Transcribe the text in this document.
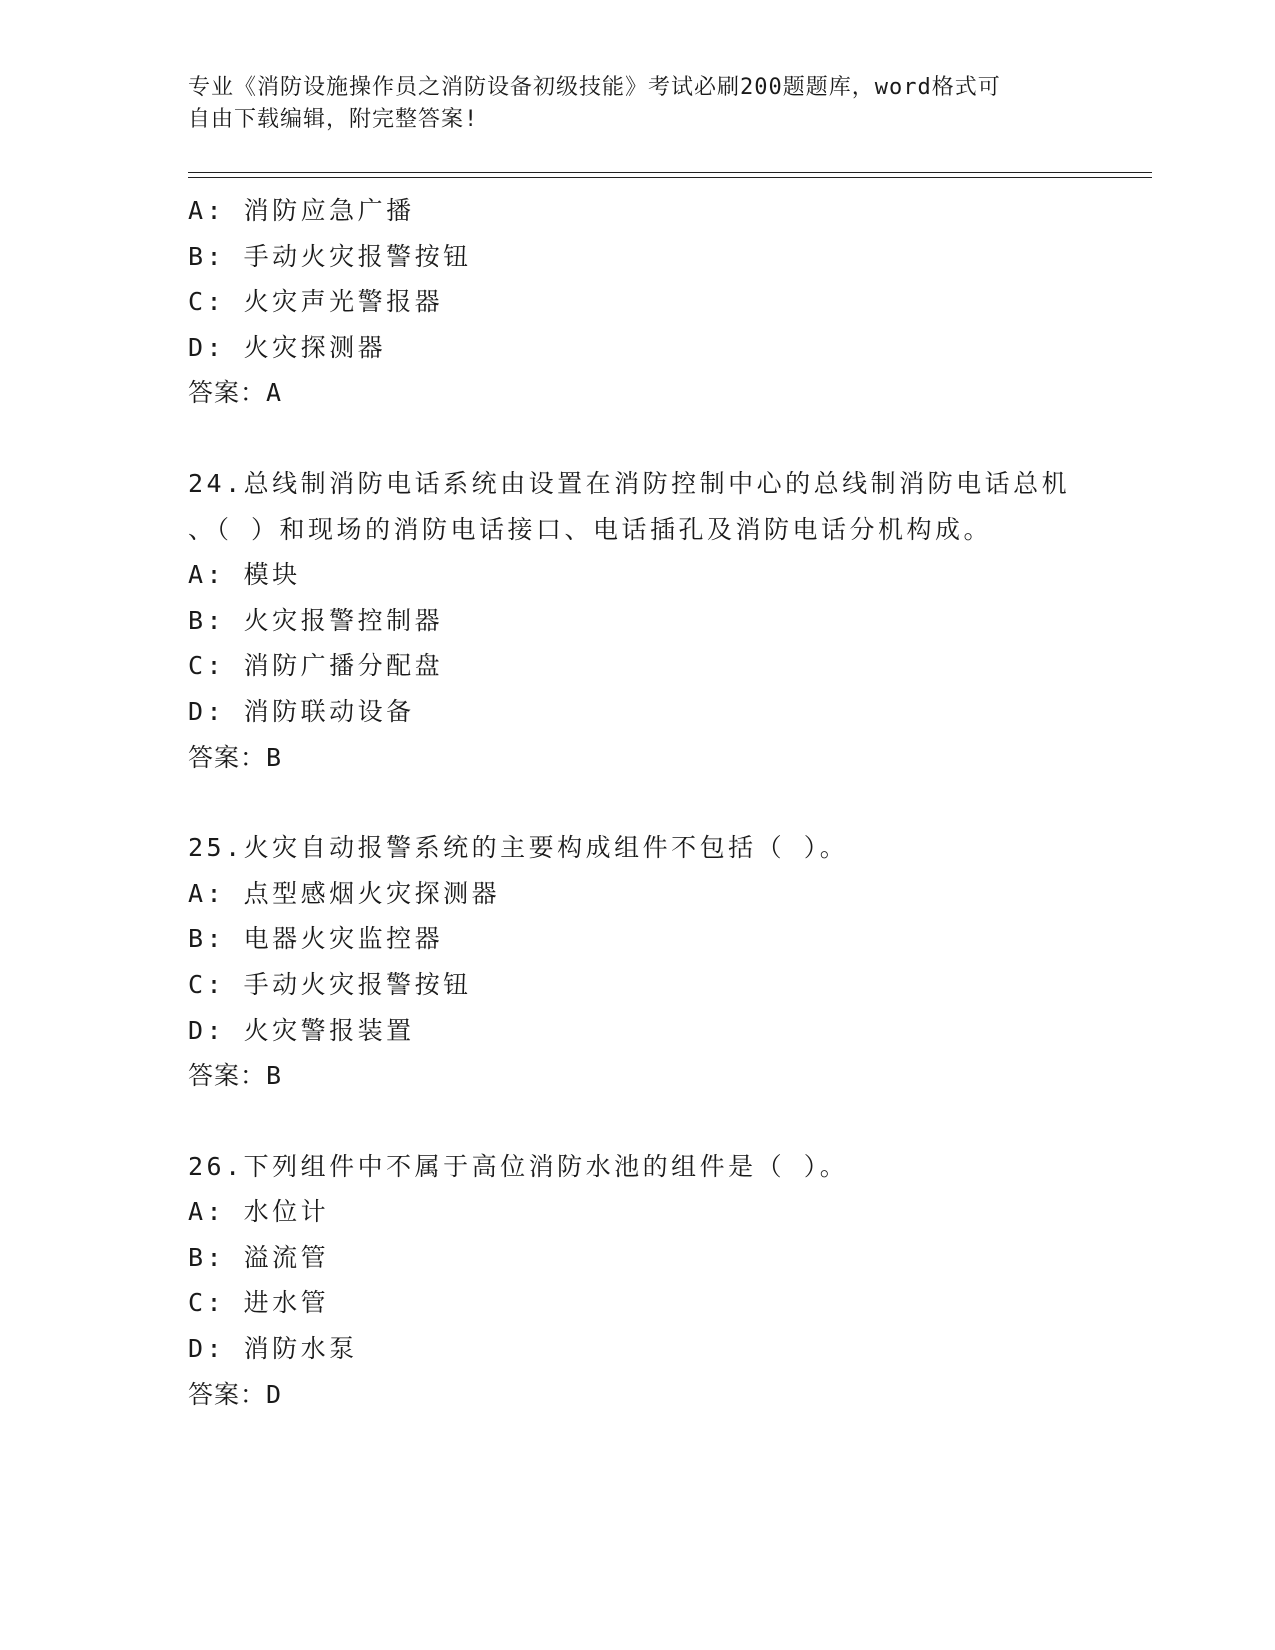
专业《消防设施操作员之消防设备初级技能》考试必刷200题题库，word格式可
自由下载编辑，附完整答案!
A: 消防应急广播
B: 手动火灾报警按钮
C: 火灾声光警报器
D: 火灾探测器
答案：A
24.总线制消防电话系统由设置在消防控制中心的总线制消防电话总机
、（ ）和现场的消防电话接口、电话插孔及消防电话分机构成。
A: 模块
B: 火灾报警控制器
C: 消防广播分配盘
D: 消防联动设备
答案：B
25.火灾自动报警系统的主要构成组件不包括（ ）。
A: 点型感烟火灾探测器
B: 电器火灾监控器
C: 手动火灾报警按钮
D: 火灾警报装置
答案：B
26.下列组件中不属于高位消防水池的组件是（ ）。
A: 水位计
B: 溢流管
C: 进水管
D: 消防水泵
答案：D
